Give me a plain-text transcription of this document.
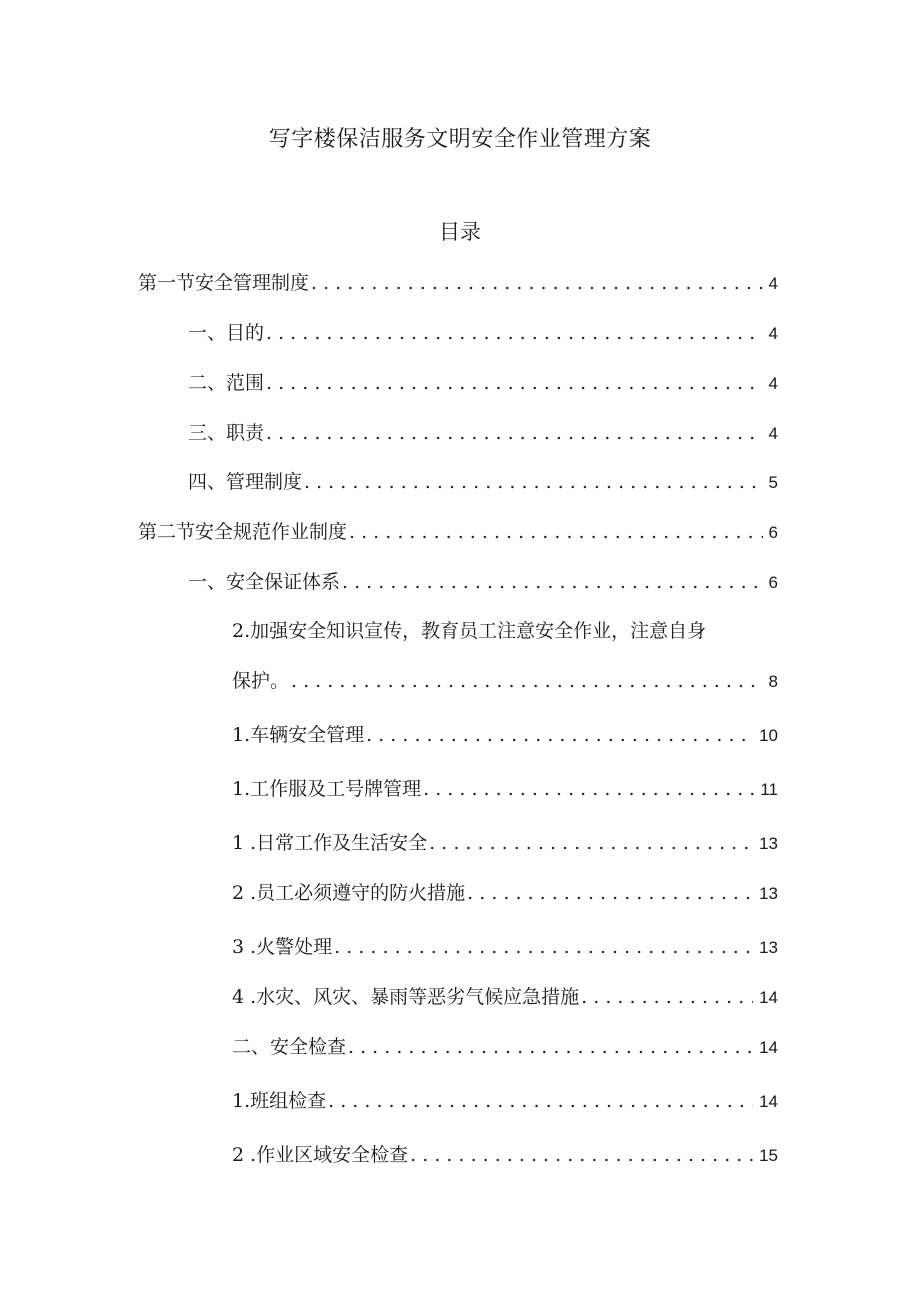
写字楼保洁服务文明安全作业管理方案
目录
第一节安全管理制度 . . .	4
一、目的 . . .	4
二、范围 . . .	4
三、职责 . . .	4
四、管理制度 . . .	5
第二节安全规范作业制度 . . .	6
一、安全保证体系 . . .	6
2.加强安全知识宣传，教育员工注意安全作业，注意自身
保护。 . . .	8
1.车辆安全管理 . . .	10
1.工作服及工号牌管理 . . .	11
1 .日常工作及生活安全 . . .	13
2 .员工必须遵守的防火措施 . . .	13
3 .火警处理 . . .	13
4 .水灾、风灾、暴雨等恶劣气候应急措施 . . .	14
二、安全检查 . . .	14
1.班组检查 . . .	14
2 .作业区域安全检查 . . .	15
